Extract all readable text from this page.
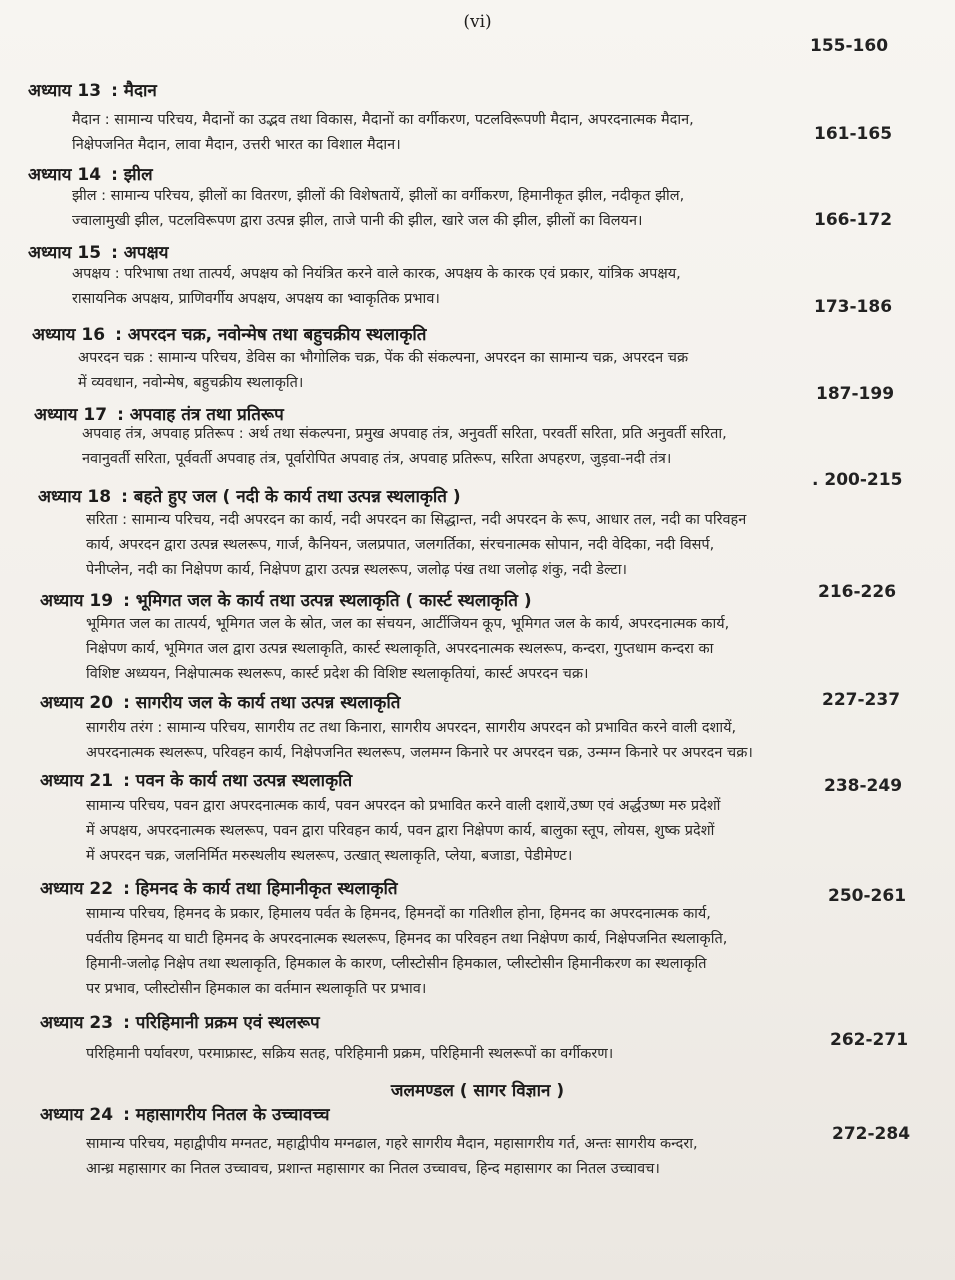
(vi)
155-160
अध्याय 13 : मैदान

मैदान : सामान्य परिचय, मैदानों का उद्भव तथा विकास, मैदानों का वर्गीकरण, पटलविरूपणी मैदान, अपरदनात्मक मैदान,

निक्षेपजनित मैदान, लावा मैदान, उत्तरी भारत का विशाल मैदान।

161-165
अध्याय 14 : झील

झील : सामान्य परिचय, झीलों का वितरण, झीलों की विशेषतायें, झीलों का वर्गीकरण, हिमानीकृत झील, नदीकृत झील,

ज्वालामुखी झील, पटलविरूपण द्वारा उत्पन्न झील, ताजे पानी की झील, खारे जल की झील, झीलों का विलयन।	166-172
अध्याय 15 : अपक्षय

अपक्षय : परिभाषा तथा तात्पर्य, अपक्षय को नियंत्रित करने वाले कारक, अपक्षय के कारक एवं प्रकार, यांत्रिक अपक्षय,

रासायनिक अपक्षय, प्राणिवर्गीय अपक्षय, अपक्षय का भ्वाकृतिक प्रभाव।	173-186
अध्याय 16 : अपरदन चक्र, नवोन्मेष तथा बहुचक्रीय स्थलाकृति

अपरदन चक्र : सामान्य परिचय, डेविस का भौगोलिक चक्र, पेंक की संकल्पना, अपरदन का सामान्य चक्र, अपरदन चक्र

में व्यवधान, नवोन्मेष, बहुचक्रीय स्थलाकृति।

187-199
अध्याय 17 : अपवाह तंत्र तथा प्रतिरूप

अपवाह तंत्र, अपवाह प्रतिरूप : अर्थ तथा संकल्पना, प्रमुख अपवाह तंत्र, अनुवर्ती सरिता, परवर्ती सरिता, प्रति अनुवर्ती सरिता,

नवानुवर्ती सरिता, पूर्ववर्ती अपवाह तंत्र, पूर्वारोपित अपवाह तंत्र, अपवाह प्रतिरूप, सरिता अपहरण, जुड़वा-नदी तंत्र।

. 200-215
अध्याय 18 : बहते हुए जल ( नदी के कार्य तथा उत्पन्न स्थलाकृति )

सरिता : सामान्य परिचय, नदी अपरदन का कार्य, नदी अपरदन का सिद्धान्त, नदी अपरदन के रूप, आधार तल, नदी का परिवहन

कार्य, अपरदन द्वारा उत्पन्न स्थलरूप, गार्ज, कैनियन, जलप्रपात, जलगर्तिका, संरचनात्मक सोपान, नदी वेदिका, नदी विसर्प,

पेनीप्लेन, नदी का निक्षेपण कार्य, निक्षेपण द्वारा उत्पन्न स्थलरूप, जलोढ़ पंख तथा जलोढ़ शंकु, नदी डेल्टा।

216-226
अध्याय 19 : भूमिगत जल के कार्य तथा उत्पन्न स्थलाकृति ( कार्स्ट स्थलाकृति )

भूमिगत जल का तात्पर्य, भूमिगत जल के स्रोत, जल का संचयन, आर्टीजियन कूप, भूमिगत जल के कार्य, अपरदनात्मक कार्य,

निक्षेपण कार्य, भूमिगत जल द्वारा उत्पन्न स्थलाकृति, कार्स्ट स्थलाकृति, अपरदनात्मक स्थलरूप, कन्दरा, गुप्तधाम कन्दरा का

विशिष्ट अध्ययन, निक्षेपात्मक स्थलरूप, कार्स्ट प्रदेश की विशिष्ट स्थलाकृतियां, कार्स्ट अपरदन चक्र।

227-237
अध्याय 20 : सागरीय जल के कार्य तथा उत्पन्न स्थलाकृति

सागरीय तरंग : सामान्य परिचय, सागरीय तट तथा किनारा, सागरीय अपरदन, सागरीय अपरदन को प्रभावित करने वाली दशायें,

अपरदनात्मक स्थलरूप, परिवहन कार्य, निक्षेपजनित स्थलरूप, जलमग्न किनारे पर अपरदन चक्र, उन्मग्न किनारे पर अपरदन चक्र।

238-249
अध्याय 21 : पवन के कार्य तथा उत्पन्न स्थलाकृति

सामान्य परिचय, पवन द्वारा अपरदनात्मक कार्य, पवन अपरदन को प्रभावित करने वाली दशायें,उष्ण एवं अर्द्धउष्ण मरु प्रदेशों

में अपक्षय, अपरदनात्मक स्थलरूप, पवन द्वारा परिवहन कार्य, पवन द्वारा निक्षेपण कार्य, बालुका स्तूप, लोयस, शुष्क प्रदेशों

में अपरदन चक्र, जलनिर्मित मरुस्थलीय स्थलरूप, उत्खात् स्थलाकृति, प्लेया, बजाडा, पेडीमेण्ट।

250-261
अध्याय 22 : हिमनद के कार्य तथा हिमानीकृत स्थलाकृति

सामान्य परिचय, हिमनद के प्रकार, हिमालय पर्वत के हिमनद, हिमनदों का गतिशील होना, हिमनद का अपरदनात्मक कार्य,

पर्वतीय हिमनद या घाटी हिमनद के अपरदनात्मक स्थलरूप, हिमनद का परिवहन तथा निक्षेपण कार्य, निक्षेपजनित स्थलाकृति,

हिमानी-जलोढ़ निक्षेप तथा स्थलाकृति, हिमकाल के कारण, प्लीस्टोसीन हिमकाल, प्लीस्टोसीन हिमानीकरण का स्थलाकृति

पर प्रभाव, प्लीस्टोसीन हिमकाल का वर्तमान स्थलाकृति पर प्रभाव।

262-271
अध्याय 23 : परिहिमानी प्रक्रम एवं स्थलरूप

परिहिमानी पर्यावरण, परमाफ्रास्ट, सक्रिय सतह, परिहिमानी प्रक्रम, परिहिमानी स्थलरूपों का वर्गीकरण।

272-284
जलमण्डल ( सागर विज्ञान )
अध्याय 24 : महासागरीय नितल के उच्चावच्च

सामान्य परिचय, महाद्वीपीय मग्नतट, महाद्वीपीय मग्नढाल, गहरे सागरीय मैदान, महासागरीय गर्त, अन्तः सागरीय कन्दरा,

आन्ध्र महासागर का नितल उच्चावच, प्रशान्त महासागर का नितल उच्चावच, हिन्द महासागर का नितल उच्चावच।
